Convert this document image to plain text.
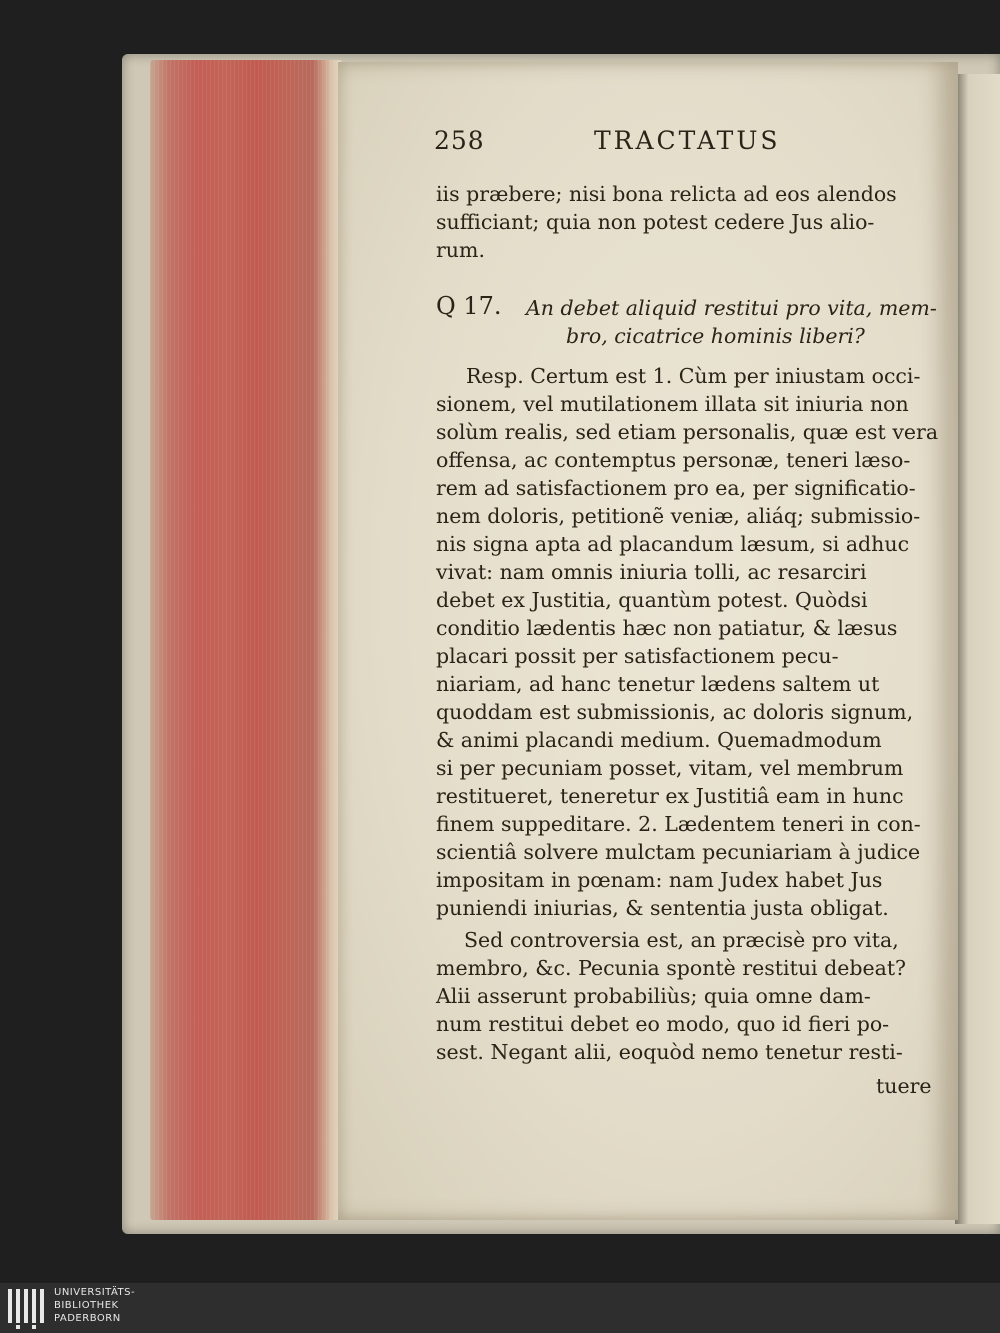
258	TRACTATUS
iis præbere; nisi bona relicta ad eos alendos
sufficiant; quia non potest cedere Jus alio-
rum.
Q 17. An debet aliquid restitui pro vita, mem-
bro, cicatrice hominis liberi?
Resp. Certum est 1. Cùm per iniustam occi-
sionem, vel mutilationem illata sit iniuria non
solùm realis, sed etiam personalis, quæ est vera
offensa, ac contemptus personæ, teneri læso-
rem ad satisfactionem pro ea, per significatio-
nem doloris, petitionẽ veniæ, aliáq; submissio-
nis signa apta ad placandum læsum, si adhuc
vivat: nam omnis iniuria tolli, ac resarciri
debet ex Justitia, quantùm potest. Quòdsi
conditio lædentis hæc non patiatur, & læsus
placari possit per satisfactionem pecu-
niariam, ad hanc tenetur lædens saltem ut
quoddam est submissionis, ac doloris signum,
& animi placandi medium. Quemadmodum
si per pecuniam posset, vitam, vel membrum
restitueret, teneretur ex Justitiâ eam in hunc
finem suppeditare. 2. Lædentem teneri in con-
scientiâ solvere mulctam pecuniariam à judice
impositam in pœnam: nam Judex habet Jus
puniendi iniurias, & sententia justa obligat.
Sed controversia est, an præcisè pro vita,
membro, &c. Pecunia spontè restitui debeat?
Alii asserunt probabiliùs; quia omne dam-
num restitui debet eo modo, quo id fieri po-
sest. Negant alii, eoquòd nemo tenetur resti-
tuere
UNIVERSITÄTS-
BIBLIOTHEK
PADERBORN
